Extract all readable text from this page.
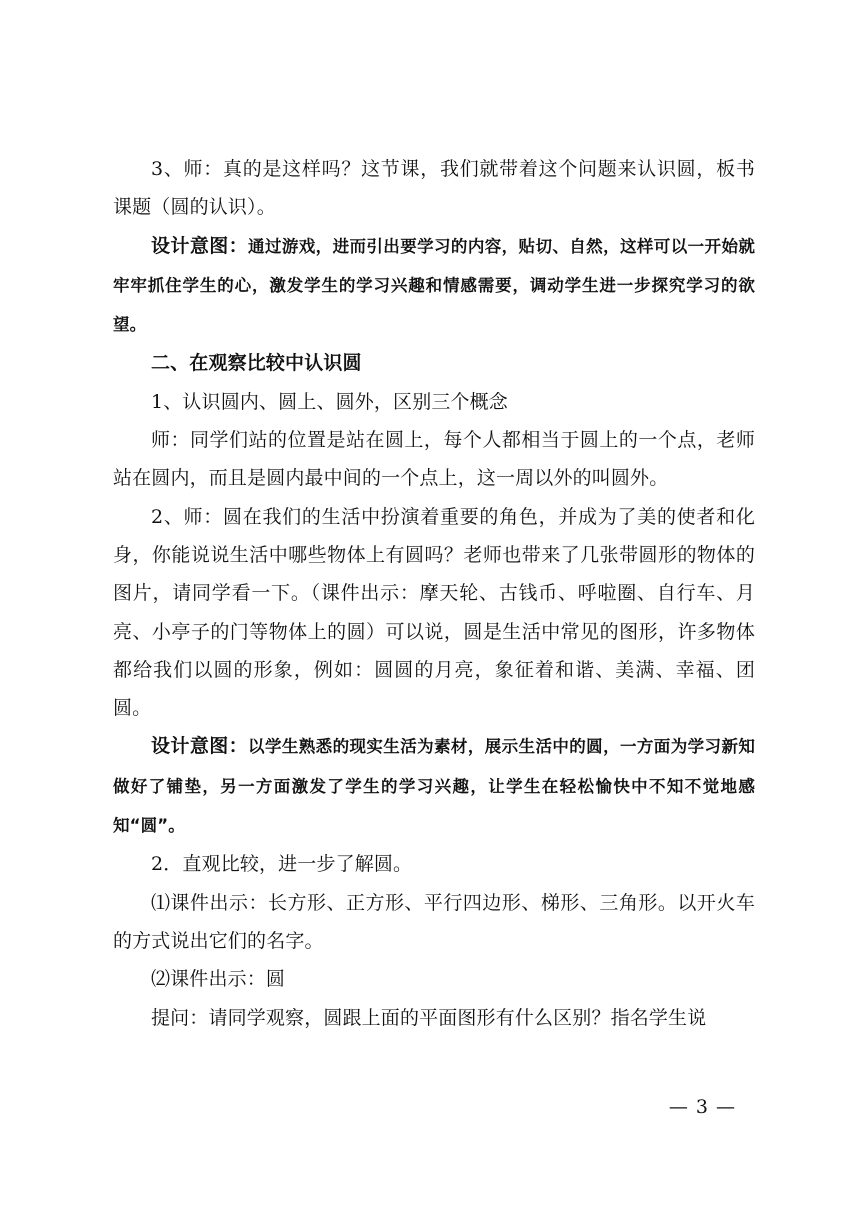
3、师：真的是这样吗？这节课，我们就带着这个问题来认识圆，板书课题（圆的认识）。

设计意图：通过游戏，进而引出要学习的内容，贴切、自然，这样可以一开始就牢牢抓住学生的心，激发学生的学习兴趣和情感需要，调动学生进一步探究学习的欲望。

二、在观察比较中认识圆

1、认识圆内、圆上、圆外，区别三个概念

师：同学们站的位置是站在圆上，每个人都相当于圆上的一个点，老师站在圆内，而且是圆内最中间的一个点上，这一周以外的叫圆外。

2、师：圆在我们的生活中扮演着重要的角色，并成为了美的使者和化身，你能说说生活中哪些物体上有圆吗？老师也带来了几张带圆形的物体的图片，请同学看一下。（课件出示：摩天轮、古钱币、呼啦圈、自行车、月亮、小亭子的门等物体上的圆）可以说，圆是生活中常见的图形，许多物体都给我们以圆的形象，例如：圆圆的月亮，象征着和谐、美满、幸福、团圆。

设计意图：以学生熟悉的现实生活为素材，展示生活中的圆，一方面为学习新知做好了铺垫，另一方面激发了学生的学习兴趣，让学生在轻松愉快中不知不觉地感知“圆”。

2．直观比较，进一步了解圆。

⑴课件出示：长方形、正方形、平行四边形、梯形、三角形。以开火车的方式说出它们的名字。

⑵课件出示：圆

提问：请同学观察，圆跟上面的平面图形有什么区别？指名学生说

— 3 —
